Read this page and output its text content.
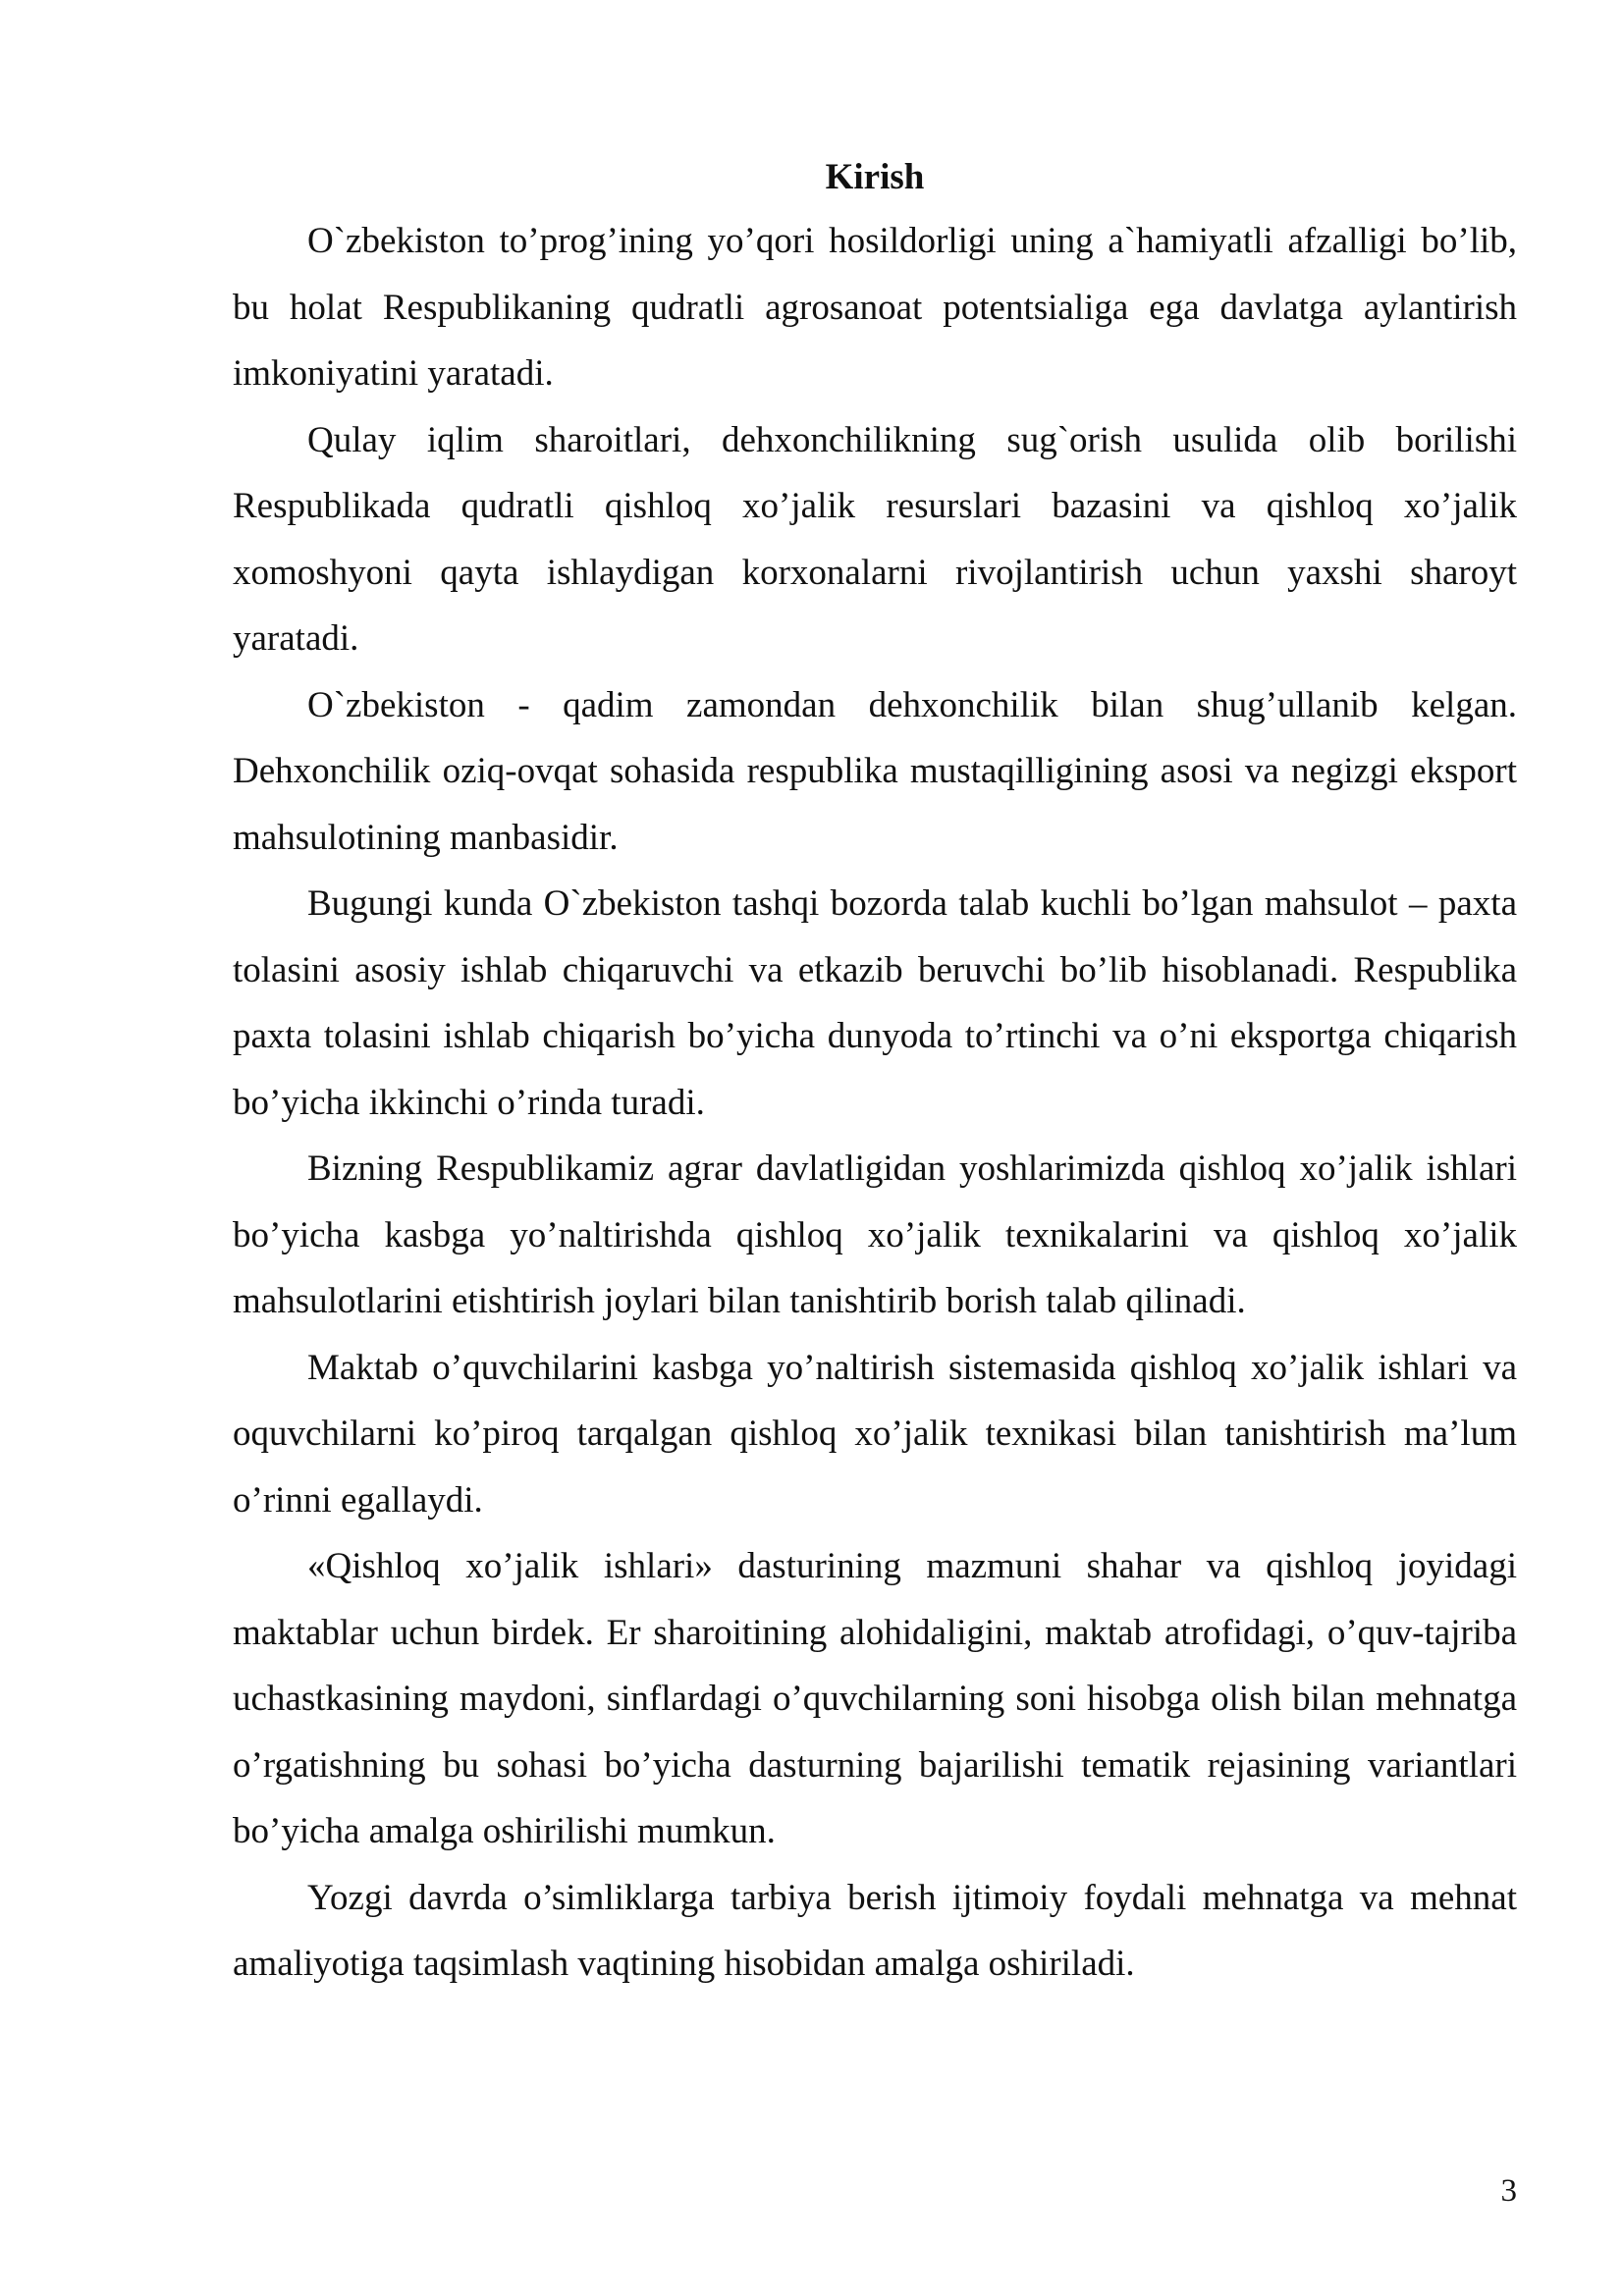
Kirish

O`zbekiston to’prog’ining yo’qori hosildorligi uning a`hamiyatli afzalligi bo’lib, bu holat Respublikaning qudratli agrosanoat potentsialiga ega davlatga aylantirish imkoniyatini yaratadi.

Qulay iqlim sharoitlari, dehxonchilikning sug`orish usulida olib borilishi Respublikada qudratli qishloq xo’jalik resurslari bazasini va qishloq xo’jalik xomoshyoni qayta ishlaydigan korxonalarni rivojlantirish uchun yaxshi sharoyt yaratadi.

O`zbekiston - qadim zamondan dehxonchilik bilan shug’ullanib kelgan. Dehxonchilik oziq-ovqat sohasida respublika mustaqilligining asosi va negizgi eksport mahsulotining manbasidir.

Bugungi kunda O`zbekiston tashqi bozorda talab kuchli bo’lgan mahsulot – paxta tolasini asosiy ishlab chiqaruvchi va etkazib beruvchi bo’lib hisoblanadi. Respublika paxta tolasini ishlab chiqarish bo’yicha dunyoda to’rtinchi va o’ni eksportga chiqarish bo’yicha ikkinchi o’rinda turadi.

Bizning Respublikamiz agrar davlatligidan yoshlarimizda qishloq xo’jalik ishlari bo’yicha kasbga yo’naltirishda qishloq xo’jalik texnikalarini va qishloq xo’jalik mahsulotlarini etishtirish joylari bilan tanishtirib borish talab qilinadi.

Maktab o’quvchilarini kasbga yo’naltirish sistemasida qishloq xo’jalik ishlari va oquvchilarni ko’piroq tarqalgan qishloq xo’jalik texnikasi bilan tanishtirish ma’lum o’rinni egallaydi.

«Qishloq xo’jalik ishlari» dasturining mazmuni shahar va qishloq joyidagi maktablar uchun birdek. Er sharoitining alohidaligini, maktab atrofidagi, o’quv-tajriba uchastkasining maydoni, sinflardagi o’quvchilarning soni hisobga olish bilan mehnatga o’rgatishning bu sohasi bo’yicha dasturning bajarilishi tematik rejasining variantlari bo’yicha amalga oshirilishi mumkun.

Yozgi davrda o’simliklarga tarbiya berish ijtimoiy foydali mehnatga va mehnat amaliyotiga taqsimlash vaqtining hisobidan amalga oshiriladi.

3
